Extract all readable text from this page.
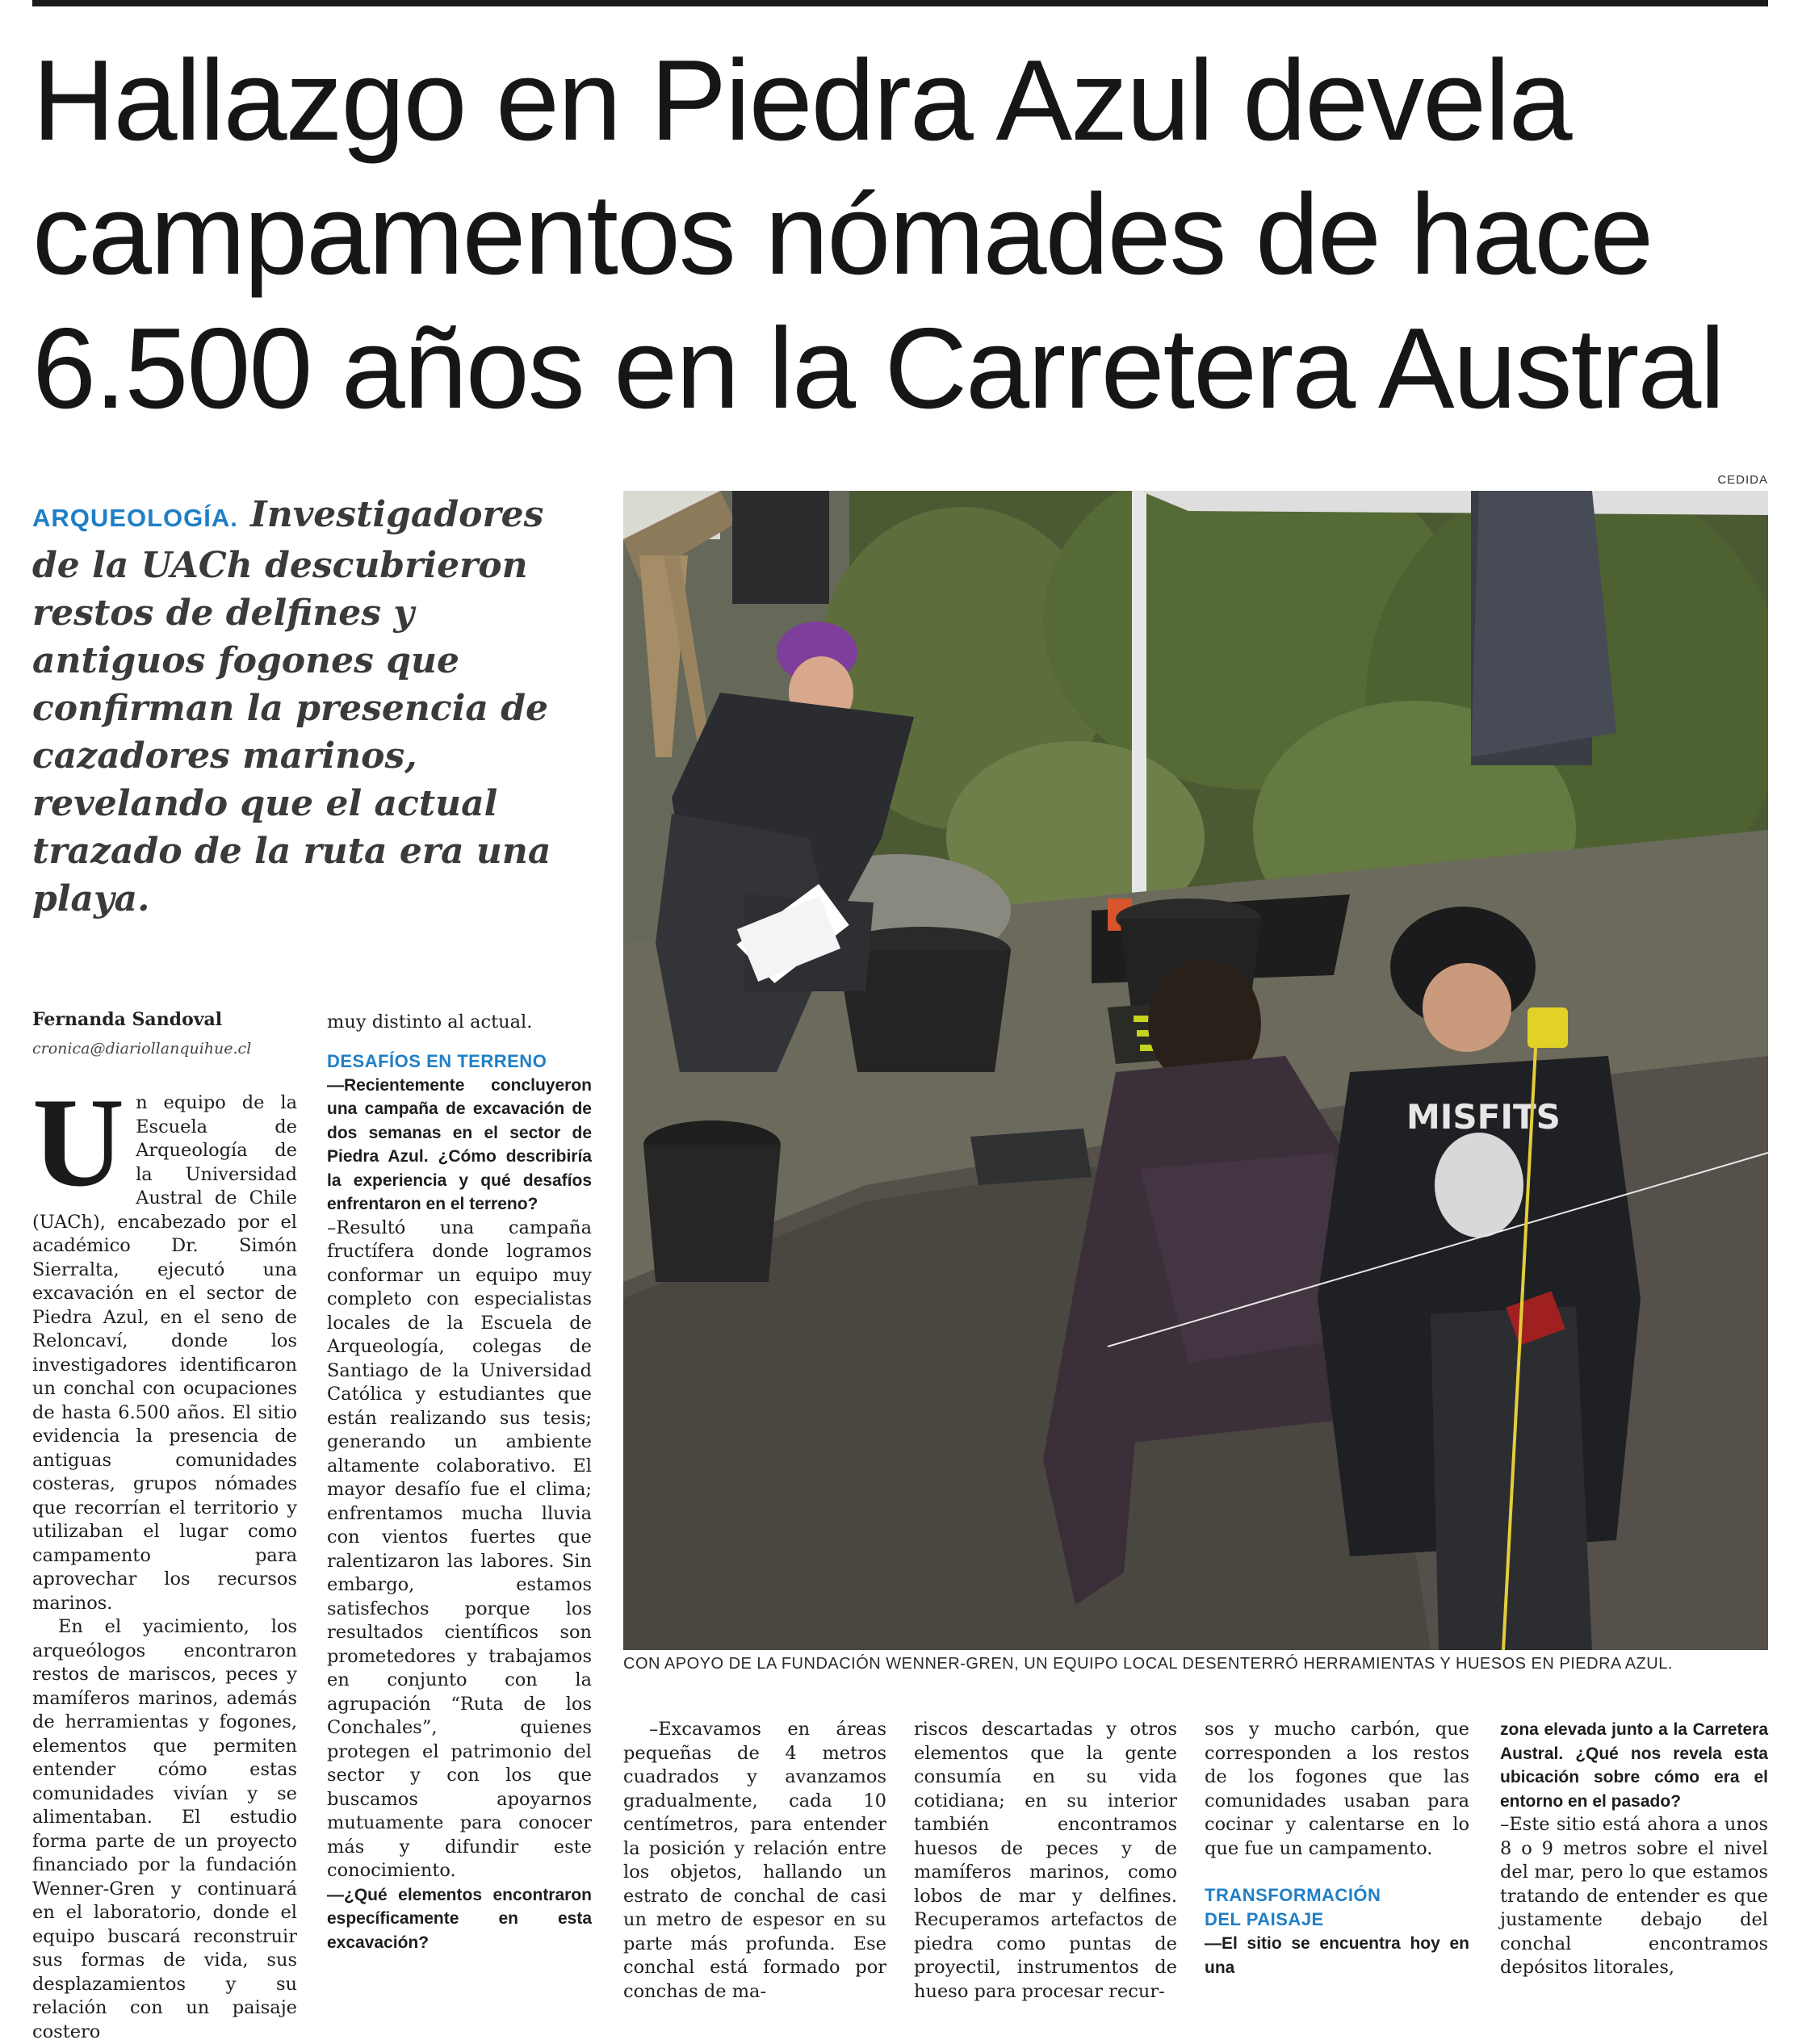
Hallazgo en Piedra Azul devela
campamentos nómades de hace
6.500 años en la Carretera Austral

ARQUEOLOGÍA. Investigadores de la UACh descubrieron restos de delfines y antiguos fogones que confirman la presencia de cazadores marinos, revelando que el actual trazado de la ruta era una playa.

CEDIDA
MISFITS
CON APOYO DE LA FUNDACIÓN WENNER-GREN, UN EQUIPO LOCAL DESENTERRÓ HERRAMIENTAS Y HUESOS EN PIEDRA AZUL.
Fernanda Sandoval
cronica@diariollanquihue.cl
U n equipo de la Escuela de Arqueología de la Universidad Austral de Chile (UACh), encabezado por el académico Dr. Simón Sierralta, ejecutó una excavación en el sector de Piedra Azul, en el seno de Reloncaví, donde los investigadores identificaron un conchal con ocupaciones de hasta 6.500 años. El sitio evidencia la presencia de antiguas comunidades costeras, grupos nómades que recorrían el territorio y utilizaban el lugar como campamento para aprovechar los recursos marinos.

En el yacimiento, los arqueólogos encontraron restos de mariscos, peces y mamíferos marinos, además de herramientas y fogones, elementos que permiten entender cómo estas comunidades vivían y se alimentaban. El estudio forma parte de un proyecto financiado por la fundación Wenner-Gren y continuará en el laboratorio, donde el equipo buscará reconstruir sus formas de vida, sus desplazamientos y su relación con un paisaje costero

muy distinto al actual.

DESAFÍOS EN TERRENO

—Recientemente concluyeron una campaña de excavación de dos semanas en el sector de Piedra Azul. ¿Cómo describiría la experiencia y qué desafíos enfrentaron en el terreno?

–Resultó una campaña fructífera donde logramos conformar un equipo muy completo con especialistas locales de la Escuela de Arqueología, colegas de Santiago de la Universidad Católica y estudiantes que están realizando sus tesis; generando un ambiente altamente colaborativo. El mayor desafío fue el clima; enfrentamos mucha lluvia con vientos fuertes que ralentizaron las labores. Sin embargo, estamos satisfechos porque los resultados científicos son prometedores y trabajamos en conjunto con la agrupación “Ruta de los Conchales”, quienes protegen el patrimonio del sector y con los que buscamos apoyarnos mutuamente para conocer más y difundir este conocimiento.

—¿Qué elementos encontraron específicamente en esta excavación?

–Excavamos en áreas pequeñas de 4 metros cuadrados y avanzamos gradualmente, cada 10 centímetros, para entender la posición y relación entre los objetos, hallando un estrato de conchal de casi un metro de espesor en su parte más profunda. Ese conchal está formado por conchas de ma-

riscos descartadas y otros elementos que la gente consumía en su vida cotidiana; en su interior también encontramos huesos de peces y de mamíferos marinos, como lobos de mar y delfines. Recuperamos artefactos de piedra como puntas de proyectil, instrumentos de hueso para procesar recur-

sos y mucho carbón, que corresponden a los restos de los fogones que las comunidades usaban para cocinar y calentarse en lo que fue un campamento.

TRANSFORMACIÓN DEL PAISAJE

—El sitio se encuentra hoy en una

zona elevada junto a la Carretera Austral. ¿Qué nos revela esta ubicación sobre cómo era el entorno en el pasado?

–Este sitio está ahora a unos 8 o 9 metros sobre el nivel del mar, pero lo que estamos tratando de entender es que justamente debajo del conchal encontramos depósitos litorales,
